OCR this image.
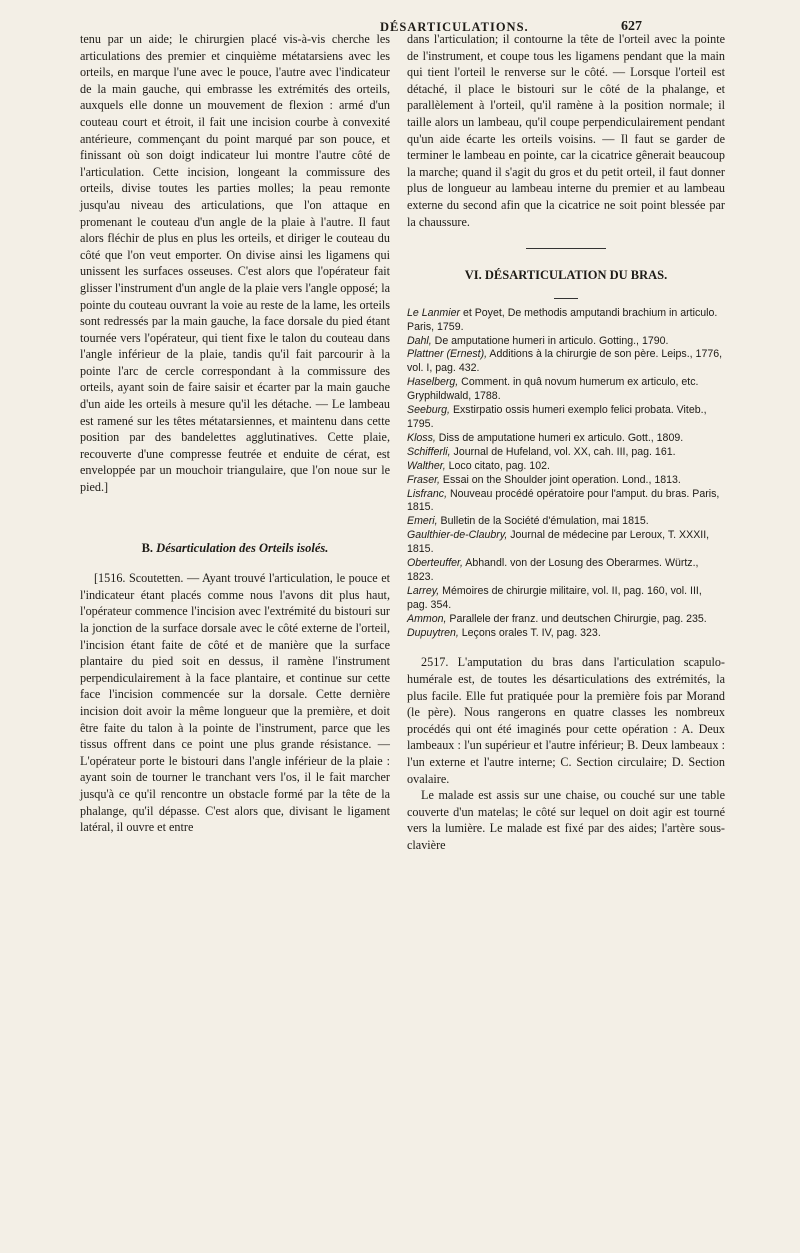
DÉSARTICULATIONS.	627

tenu par un aide; le chirurgien placé vis-à-vis cherche les articulations des premier et cinquième métatarsiens avec les orteils, en marque l'une avec le pouce, l'autre avec l'indicateur de la main gauche, qui embrasse les extrémités des orteils, auxquels elle donne un mouvement de flexion : armé d'un couteau court et étroit, il fait une incision courbe à convexité antérieure, commençant du point marqué par son pouce, et finissant où son doigt indicateur lui montre l'autre côté de l'articulation. Cette incision, longeant la commissure des orteils, divise toutes les parties molles; la peau remonte jusqu'au niveau des articulations, que l'on attaque en promenant le couteau d'un angle de la plaie à l'autre. Il faut alors fléchir de plus en plus les orteils, et diriger le couteau du côté que l'on veut emporter. On divise ainsi les ligamens qui unissent les surfaces osseuses. C'est alors que l'opérateur fait glisser l'instrument d'un angle de la plaie vers l'angle opposé; la pointe du couteau ouvrant la voie au reste de la lame, les orteils sont redressés par la main gauche, la face dorsale du pied étant tournée vers l'opérateur, qui tient fixe le talon du couteau dans l'angle inférieur de la plaie, tandis qu'il fait parcourir à la pointe l'arc de cercle correspondant à la commissure des orteils, ayant soin de faire saisir et écarter par la main gauche d'un aide les orteils à mesure qu'il les détache. — Le lambeau est ramené sur les têtes métatarsiennes, et maintenu dans cette position par des bandelettes agglutinatives. Cette plaie, recouverte d'une compresse feutrée et enduite de cérat, est enveloppée par un mouchoir triangulaire, que l'on noue sur le pied.]

B. Désarticulation des Orteils isolés.

[1516. Scoutetten. — Ayant trouvé l'articulation, le pouce et l'indicateur étant placés comme nous l'avons dit plus haut, l'opérateur commence l'incision avec l'extrémité du bistouri sur la jonction de la surface dorsale avec le côté externe de l'orteil, l'incision étant faite de côté et de manière que la surface plantaire du pied soit en dessus, il ramène l'instrument perpendiculairement à la face plantaire, et continue sur cette face l'incision commencée sur la dorsale. Cette dernière incision doit avoir la même longueur que la première, et doit être faite du talon à la pointe de l'instrument, parce que les tissus offrent dans ce point une plus grande résistance. — L'opérateur porte le bistouri dans l'angle inférieur de la plaie : ayant soin de tourner le tranchant vers l'os, il le fait marcher jusqu'à ce qu'il rencontre un obstacle formé par la tête de la phalange, qu'il dépasse. C'est alors que, divisant le ligament latéral, il ouvre et entre

dans l'articulation; il contourne la tête de l'orteil avec la pointe de l'instrument, et coupe tous les ligamens pendant que la main qui tient l'orteil le renverse sur le côté. — Lorsque l'orteil est détaché, il place le bistouri sur le côté de la phalange, et parallèlement à l'orteil, qu'il ramène à la position normale; il taille alors un lambeau, qu'il coupe perpendiculairement pendant qu'un aide écarte les orteils voisins. — Il faut se garder de terminer le lambeau en pointe, car la cicatrice gênerait beaucoup la marche; quand il s'agit du gros et du petit orteil, il faut donner plus de longueur au lambeau interne du premier et au lambeau externe du second afin que la cicatrice ne soit point blessée par la chaussure.

VI. DÉSARTICULATION DU BRAS.
Le Lanmier et Poyet, De methodis amputandi brachium in articulo. Paris, 1759.
Dahl, De amputatione humeri in articulo. Gotting., 1790.
Plattner (Ernest), Additions à la chirurgie de son père. Leips., 1776, vol. I, pag. 432.
Haselberg, Comment. in quâ novum humerum ex articulo, etc. Gryphildwald, 1788.
Seeburg, Exstirpatio ossis humeri exemplo felici probata. Viteb., 1795.
Kloss, Diss de amputatione humeri ex articulo. Gott., 1809.
Schifferli, Journal de Hufeland, vol. XX, cah. III, pag. 161.
Walther, Loco citato, pag. 102.
Fraser, Essai on the Shoulder joint operation. Lond., 1813.
Lisfranc, Nouveau procédé opératoire pour l'amput. du bras. Paris, 1815.
Emeri, Bulletin de la Société d'émulation, mai 1815.
Gaulthier-de-Claubry, Journal de médecine par Leroux, T. XXXII, 1815.
Oberteuffer, Abhandl. von der Losung des Oberarmes. Würtz., 1823.
Larrey, Mémoires de chirurgie militaire, vol. II, pag. 160, vol. III, pag. 354.
Ammon, Parallele der franz. und deutschen Chirurgie, pag. 235.
Dupuytren, Leçons orales T. IV, pag. 323.

2517. L'amputation du bras dans l'articulation scapulo-humérale est, de toutes les désarticulations des extrémités, la plus facile. Elle fut pratiquée pour la première fois par Morand (le père). Nous rangerons en quatre classes les nombreux procédés qui ont été imaginés pour cette opération : A. Deux lambeaux : l'un supérieur et l'autre inférieur; B. Deux lambeaux : l'un externe et l'autre interne; C. Section circulaire; D. Section ovalaire.

Le malade est assis sur une chaise, ou couché sur une table couverte d'un matelas; le côté sur lequel on doit agir est tourné vers la lumière. Le malade est fixé par des aides; l'artère sous-clavière
